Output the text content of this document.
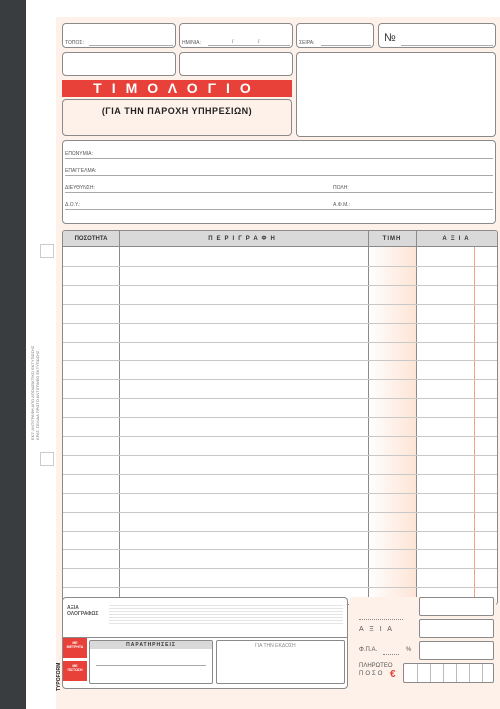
ΕΚΤ: ΑΝΤΙΓΡΑΦΗ ΑΠΟ ΑΠΟΔΕΙΚΤΙΚΟ ΕΚΤΥΠΩΣΗΣ ΚΡΑΤ: ΣΕΛΙΔΑ ΠΡΩΤΟ ΑΝΤΙΓΡΑΦΟ ΕΚΤΥΠΩΣΗΣ
ΤΟΠΟΣ:	ΗΜ/ΝΙΑ:	/	/	ΣΕΙΡΑ:	№
ΤΙΜΟΛΟΓΙΟ
(ΓΙΑ ΤΗΝ ΠΑΡΟΧΗ ΥΠΗΡΕΣΙΩΝ)
ΕΠΩΝΥΜΙΑ:
ΕΠΑΓΓΕΛΜΑ:
ΔΙΕΥΘΥΝΣΗ:	ΠΟΛΗ:
Δ.Ο.Υ.:	Α.Φ.Μ.:
ΠΟΣΟΤΗΤΑ	ΠΕΡΙΓΡΑΦΗ	ΤΙΜΗ	ΑΞΙΑ
ΑΞΙΑ
ΟΛΟΓΡΑΦΩΣ
ΜΕ
ΜΕΤΡΗΤΑ
ΜΕ
ΠΙΣΤΩΣΗ
ΠΑΡΑΤΗΡΗΣΕΙΣ	ΓΙΑ ΤΗΝ ΕΚΔΟΣΗ
TYPOFORM
Α Ξ Ι Α
Φ.Π.Α.	%
ΠΛΗΡΩΤΕΟ
ΠΟΣΟ €
